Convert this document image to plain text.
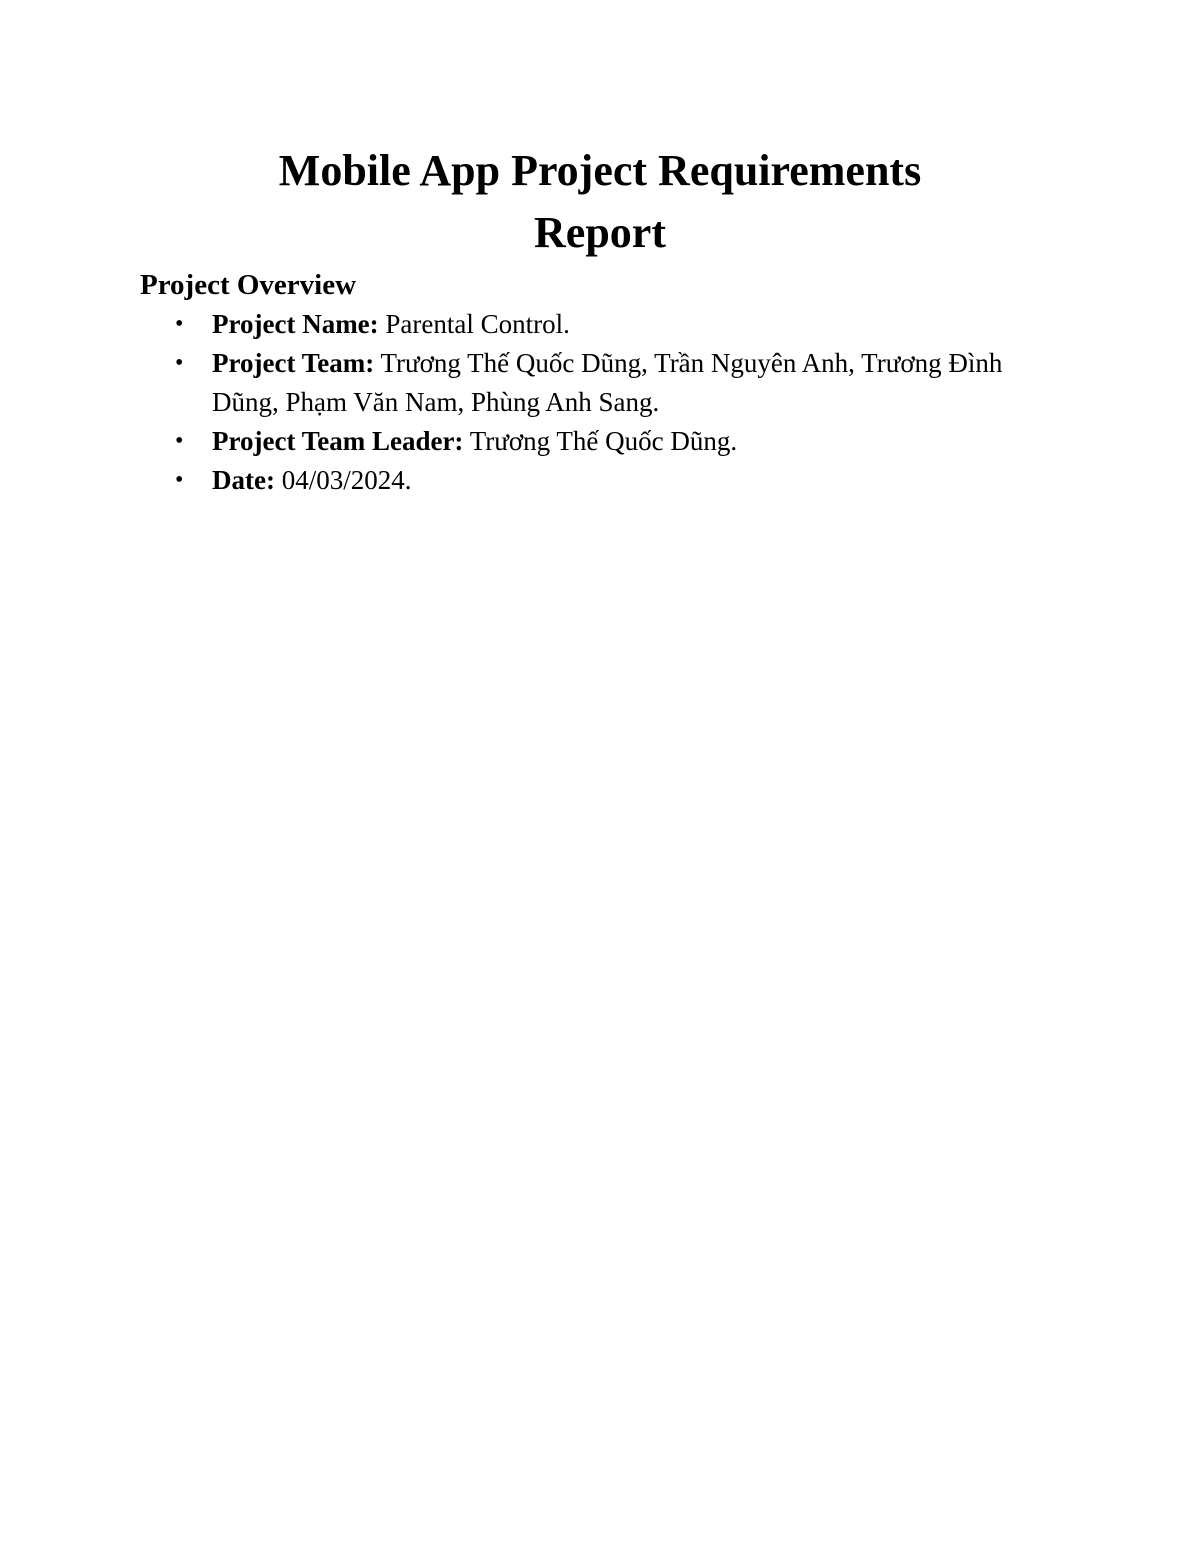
Mobile App Project Requirements
Report
Project Overview
• Project Name: Parental Control.
• Project Team: Trương Thế Quốc Dũng, Trần Nguyên Anh, Trương Đình Dũng, Phạm Văn Nam, Phùng Anh Sang.
• Project Team Leader: Trương Thế Quốc Dũng.
• Date: 04/03/2024.
